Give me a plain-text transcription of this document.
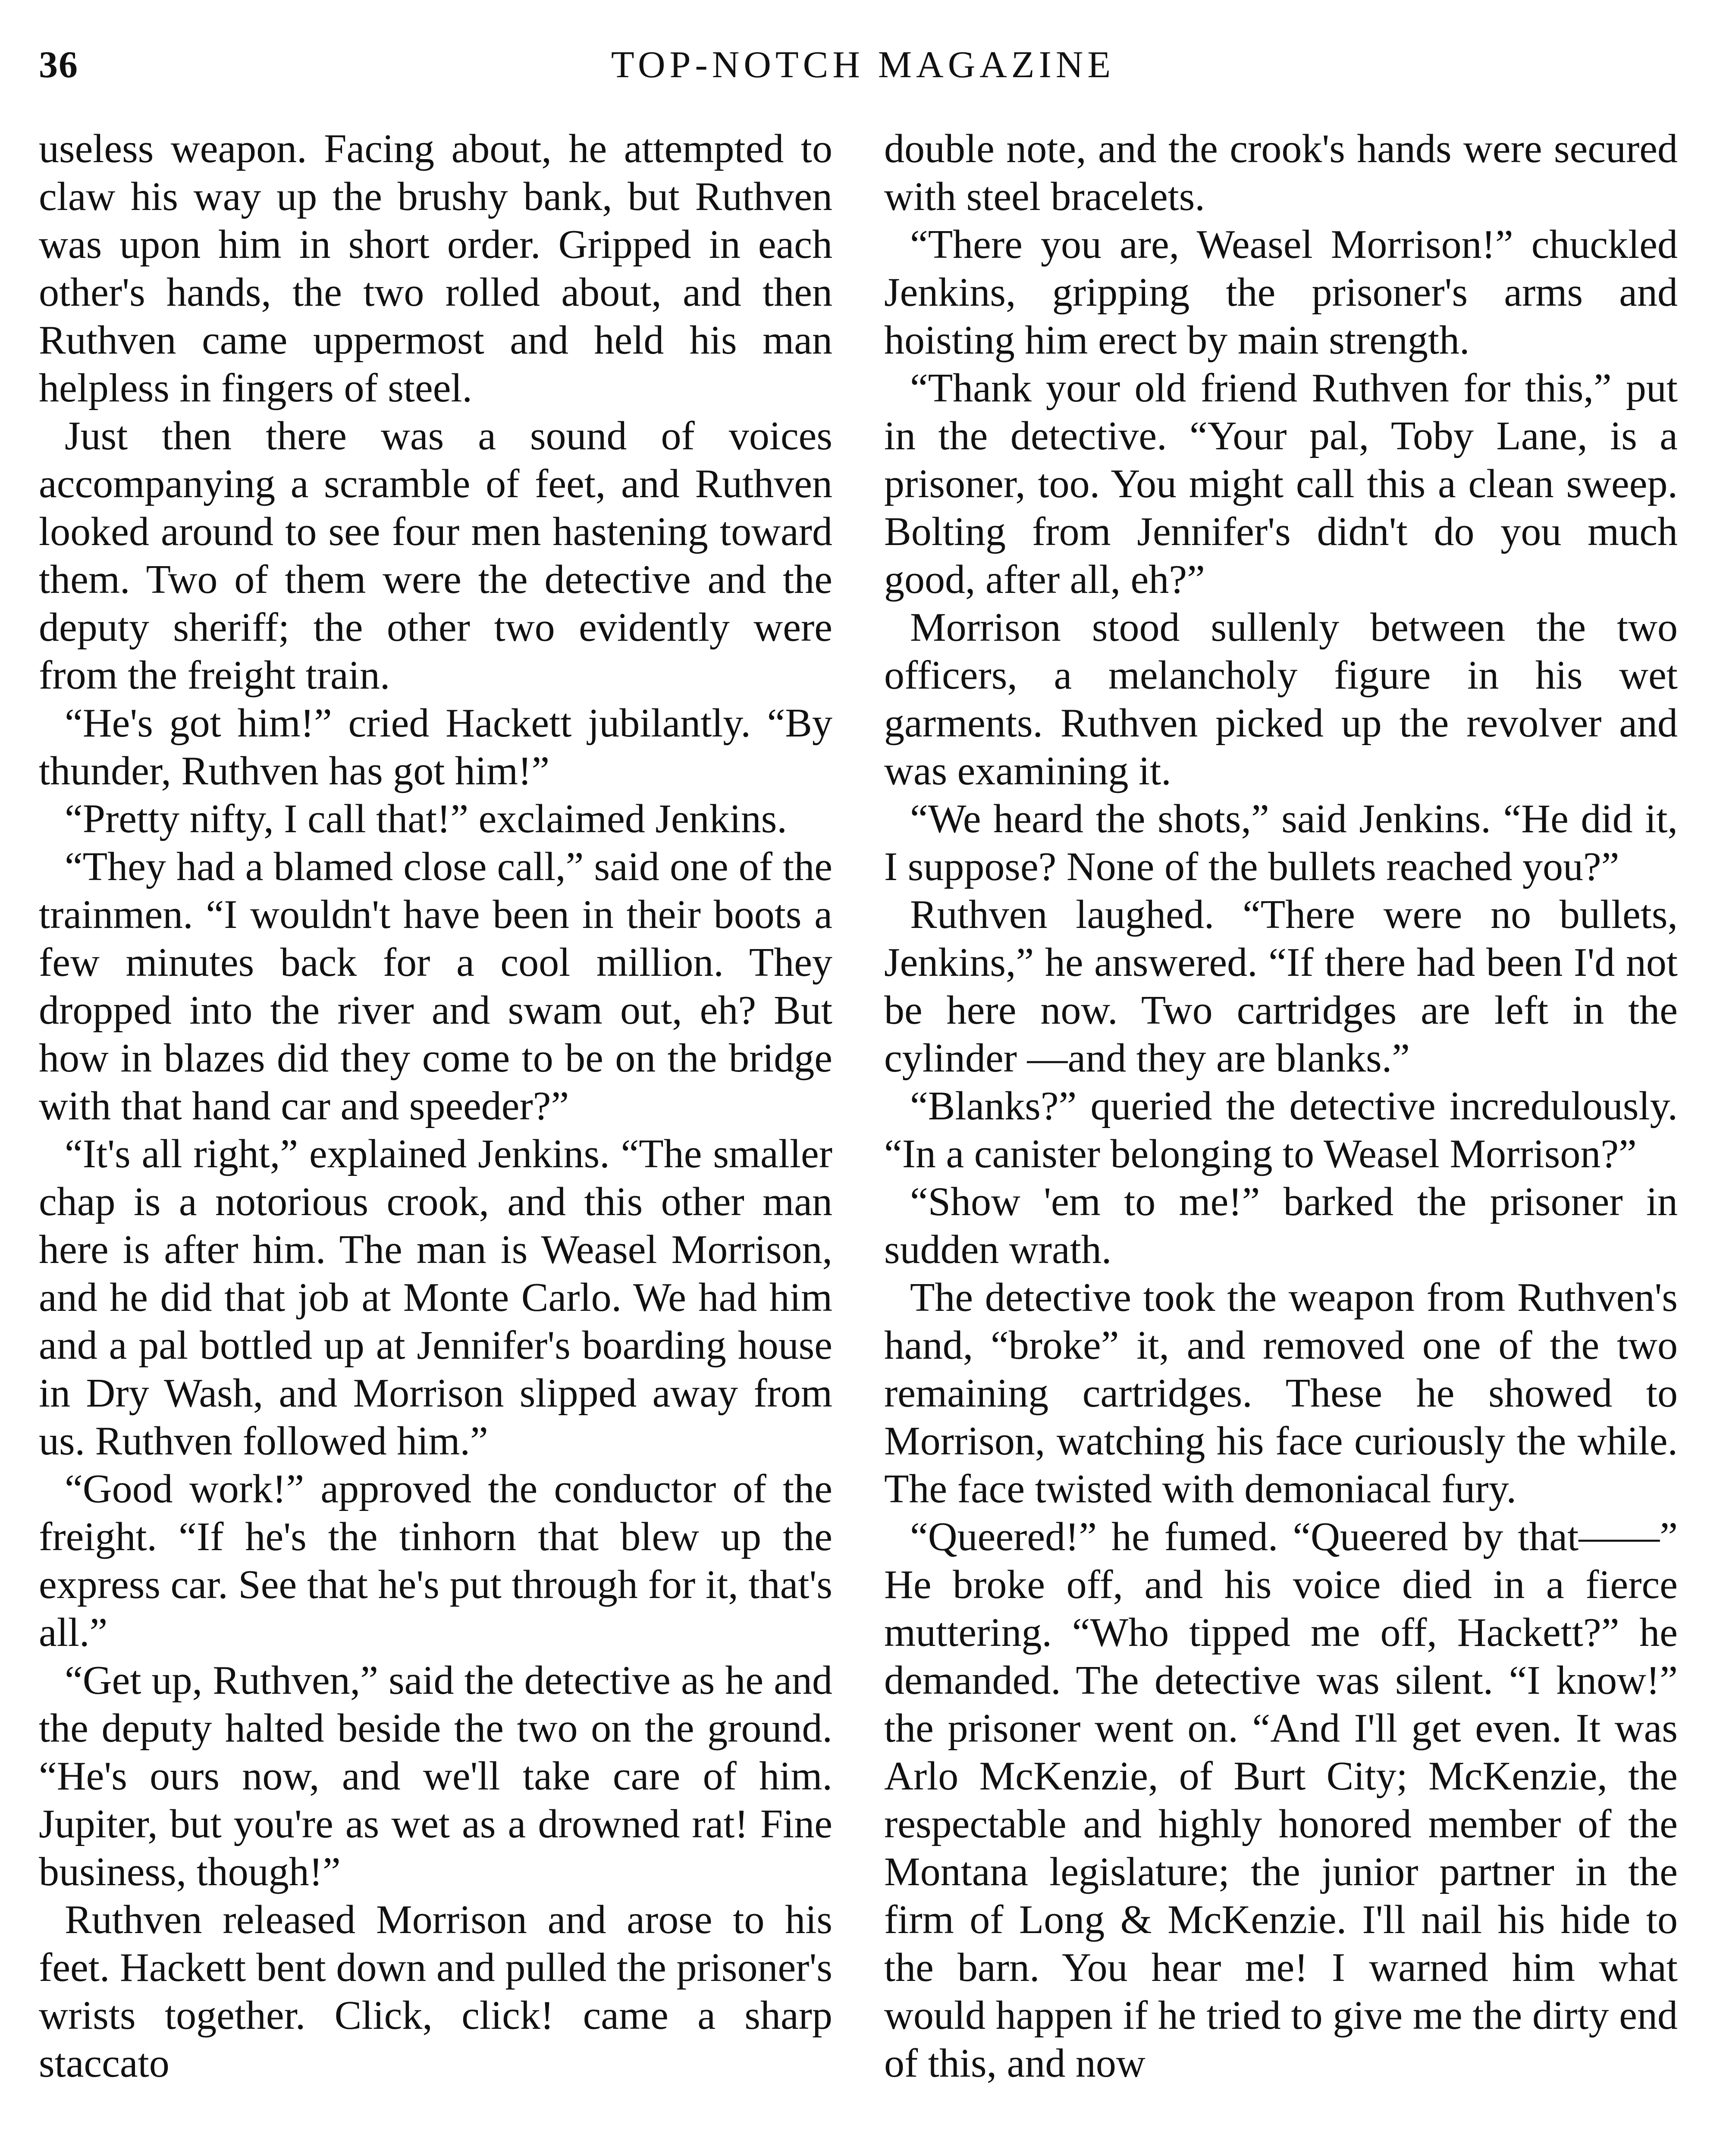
36	TOP-NOTCH MAGAZINE

useless weapon. Facing about, he attempted to claw his way up the brushy bank, but Ruthven was upon him in short order. Gripped in each other's hands, the two rolled about, and then Ruthven came uppermost and held his man helpless in fingers of steel.

Just then there was a sound of voices accompanying a scramble of feet, and Ruthven looked around to see four men hastening toward them. Two of them were the detective and the deputy sheriff; the other two evidently were from the freight train.

“He's got him!” cried Hackett jubilantly. “By thunder, Ruthven has got him!”

“Pretty nifty, I call that!” exclaimed Jenkins.

“They had a blamed close call,” said one of the trainmen. “I wouldn't have been in their boots a few minutes back for a cool million. They dropped into the river and swam out, eh? But how in blazes did they come to be on the bridge with that hand car and speeder?”

“It's all right,” explained Jenkins. “The smaller chap is a notorious crook, and this other man here is after him. The man is Weasel Morrison, and he did that job at Monte Carlo. We had him and a pal bottled up at Jennifer's boarding house in Dry Wash, and Morrison slipped away from us. Ruthven followed him.”

“Good work!” approved the conductor of the freight. “If he's the tinhorn that blew up the express car. See that he's put through for it, that's all.”

“Get up, Ruthven,” said the detective as he and the deputy halted beside the two on the ground. “He's ours now, and we'll take care of him. Jupiter, but you're as wet as a drowned rat! Fine business, though!”

Ruthven released Morrison and arose to his feet. Hackett bent down and pulled the prisoner's wrists together. Click, click! came a sharp staccato

double note, and the crook's hands were secured with steel bracelets.

“There you are, Weasel Morrison!” chuckled Jenkins, gripping the prisoner's arms and hoisting him erect by main strength.

“Thank your old friend Ruthven for this,” put in the detective. “Your pal, Toby Lane, is a prisoner, too. You might call this a clean sweep. Bolting from Jennifer's didn't do you much good, after all, eh?”

Morrison stood sullenly between the two officers, a melancholy figure in his wet garments. Ruthven picked up the revolver and was examining it.

“We heard the shots,” said Jenkins. “He did it, I suppose? None of the bullets reached you?”

Ruthven laughed. “There were no bullets, Jenkins,” he answered. “If there had been I'd not be here now. Two cartridges are left in the cylinder —and they are blanks.”

“Blanks?” queried the detective incredulously. “In a canister belonging to Weasel Morrison?”

“Show 'em to me!” barked the prisoner in sudden wrath.

The detective took the weapon from Ruthven's hand, “broke” it, and removed one of the two remaining cartridges. These he showed to Morrison, watching his face curiously the while. The face twisted with demoniacal fury.

“Queered!” he fumed. “Queered by that——” He broke off, and his voice died in a fierce muttering. “Who tipped me off, Hackett?” he demanded. The detective was silent. “I know!” the prisoner went on. “And I'll get even. It was Arlo McKenzie, of Burt City; McKenzie, the respectable and highly honored member of the Montana legislature; the junior partner in the firm of Long & McKenzie. I'll nail his hide to the barn. You hear me! I warned him what would happen if he tried to give me the dirty end of this, and now
